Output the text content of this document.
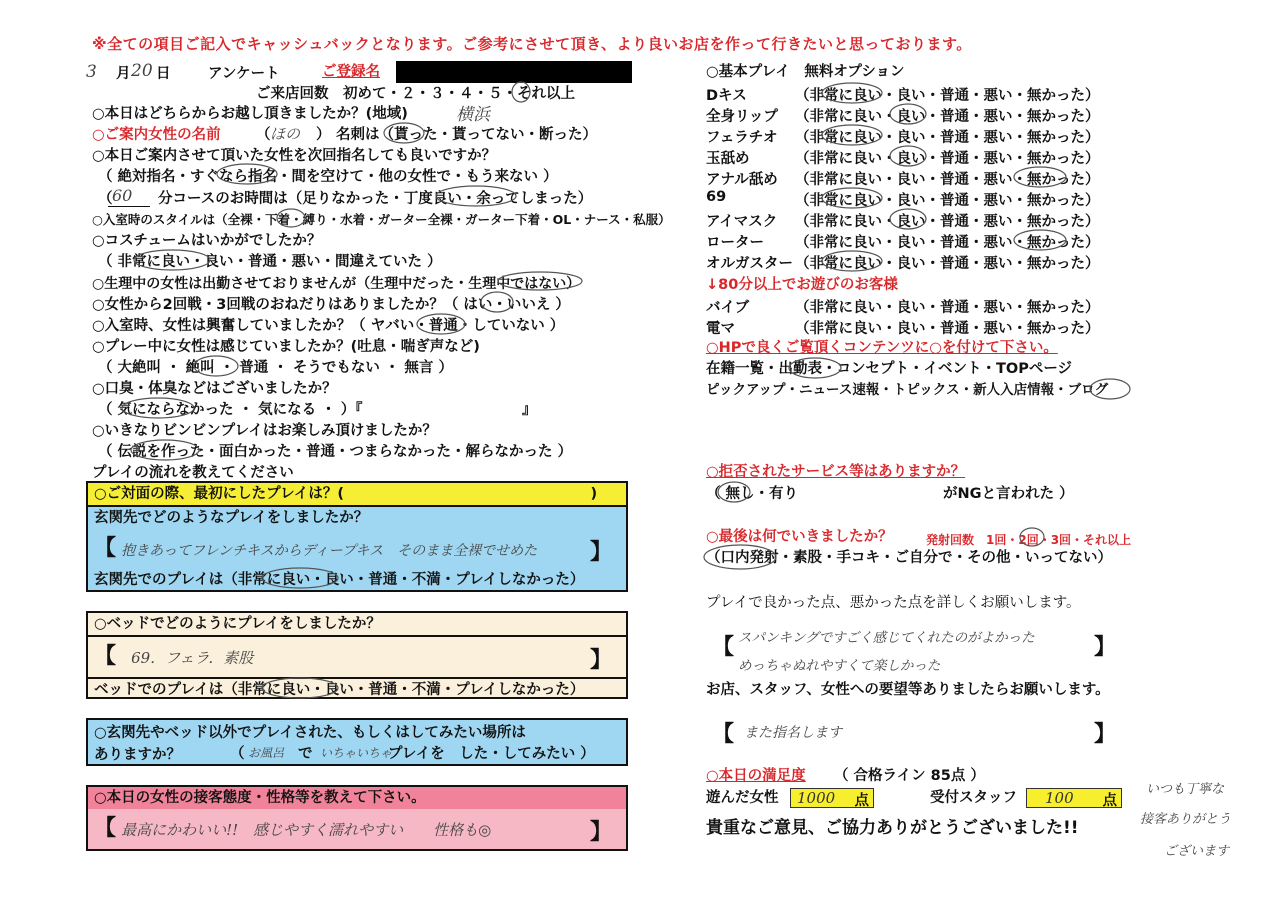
※全ての項目ご記入でキャッシュバックとなります。ご参考にさせて頂き、より良いお店を作って行きたいと思っております。
3 月 20 日	アンケート	ご登録名
ご来店回数　初めて・２・３・４・５・それ以上
○本日はどちらからお越し頂きましたか？(地域)	横浜
○ご案内女性の名前 （ ほの ） 名刺は（貰った・貰ってない・断った）
○本日ご案内させて頂いた女性を次回指名しても良いですか？
（ 絶対指名・すぐなら指名・間を空けて・他の女性で・もう来ない ）
（ 60 分コースのお時間は（足りなかった・丁度良い・余ってしまった）
○入室時のスタイルは（全裸・下着・縛り・水着・ガーター全裸・ガーター下着・OL・ナース・私服）
○コスチュームはいかがでしたか？
（ 非常に良い・良い・普通・悪い・間違えていた ）
○生理中の女性は出勤させておりませんが（生理中だった・生理中ではない）
○女性から2回戦・3回戦のおねだりはありましたか？（ はい・いいえ ）
○入室時、女性は興奮していましたか？（ ヤバい・普通・していない ）
○プレー中に女性は感じていましたか？(吐息・喘ぎ声など)
（ 大絶叫 ・ 絶叫 ・ 普通 ・ そうでもない ・ 無言 ）
○口臭・体臭などはございましたか？
（ 気にならなかった ・ 気になる ・ ）『　　　　　　　　　　　』
○いきなりビンビンプレイはお楽しみ頂けましたか？
（ 伝説を作った・面白かった・普通・つまらなかった・解らなかった ）
プレイの流れを教えてください
○ご対面の際、最初にしたプレイは？(　　　　　　　　　　　　　　　　　)
玄関先でどのようなプレイをしましたか？
【 抱きあってフレンチキスからディープキス　そのまま全裸でせめた	】
玄関先でのプレイは（非常に良い・良い・普通・不満・プレイしなかった）
○ベッドでどのようにプレイをしましたか？
【 69．フェラ．素股	】
ベッドでのプレイは（非常に良い・良い・普通・不満・プレイしなかった）
○玄関先やベッド以外でプレイされた、もしくはしてみたい場所は
ありますか？	（ お風呂 で いちゃいちゃ
プレイを　した・してみたい ）
○本日の女性の接客態度・性格等を教えて下さい。
【 最高にかわいい!!　感じやすく濡れやすい　　性格も◎	】
○基本プレイ　無料オプション
Dキス	（非常に良い・良い・普通・悪い・無かった）
全身リップ （非常に良い・良い・普通・悪い・無かった）
フェラチオ （非常に良い・良い・普通・悪い・無かった）
玉舐め	（非常に良い・良い・普通・悪い・無かった）
アナル舐め （非常に良い・良い・普通・悪い・無かった）
69	（非常に良い・良い・普通・悪い・無かった）
アイマスク （非常に良い・良い・普通・悪い・無かった）
ローター （非常に良い・良い・普通・悪い・無かった）
オルガスター （非常に良い・良い・普通・悪い・無かった）
↓80分以上でお遊びのお客様
バイブ	（非常に良い・良い・普通・悪い・無かった）
電マ	（非常に良い・良い・普通・悪い・無かった）
○HPで良くご覧頂くコンテンツに○を付けて下さい。
在籍一覧・出勤表・コンセプト・イベント・TOPページ
ピックアップ・ニュース速報・トピックス・新人入店情報・ブログ
○拒否されたサービス等はありますか？
（ 無し・有り　　　　　　　　　　がNGと言われた ）
○最後は何でいきましたか？	発射回数　1回・2回・3回・それ以上
（口内発射・素股・手コキ・ご自分で・その他・いってない）
プレイで良かった点、悪かった点を詳しくお願いします。
【 スパンキングですごく感じてくれたのがよかった
めっちゃぬれやすくて楽しかった
】
お店、スタッフ、女性への要望等ありましたらお願いします。
【 また指名します	】
○本日の満足度 （ 合格ライン 85点 ）
遊んだ女性 1000 点	受付スタッフ 100 点
貴重なご意見、ご協力ありがとうございました!!
いつも丁寧な
接客ありがとう
ございます
